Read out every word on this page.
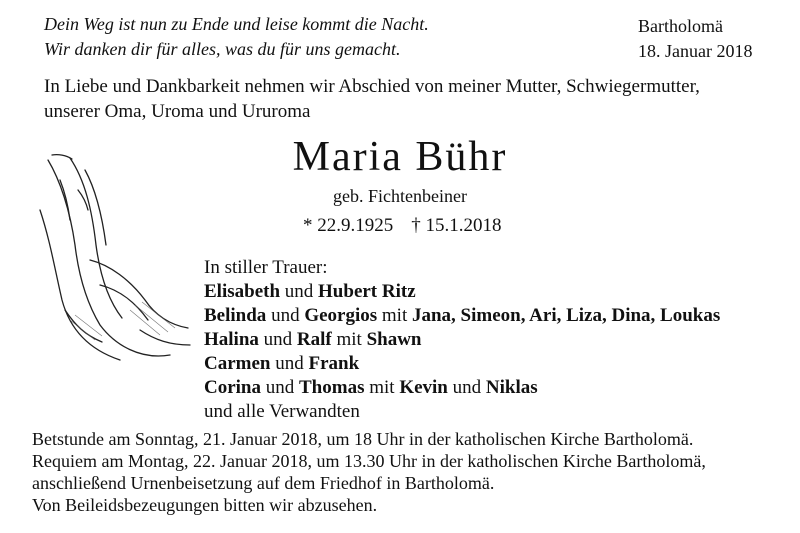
Dein Weg ist nun zu Ende und leise kommt die Nacht.
Wir danken dir für alles, was du für uns gemacht.
Bartholomä
18. Januar 2018
In Liebe und Dankbarkeit nehmen wir Abschied von meiner Mutter, Schwiegermutter,
unserer Oma, Uroma und Ururoma
Maria Bühr
geb. Fichtenbeiner
* 22.9.1925 † 15.1.2018
In stiller Trauer:
Elisabeth und Hubert Ritz
Belinda und Georgios mit Jana, Simeon, Ari, Liza, Dina, Loukas
Halina und Ralf mit Shawn
Carmen und Frank
Corina und Thomas mit Kevin und Niklas
und alle Verwandten
Betstunde am Sonntag, 21. Januar 2018, um 18 Uhr in der katholischen Kirche Bartholomä.
Requiem am Montag, 22. Januar 2018, um 13.30 Uhr in der katholischen Kirche Bartholomä,
anschließend Urnenbeisetzung auf dem Friedhof in Bartholomä.
Von Beileidsbezeugungen bitten wir abzusehen.
